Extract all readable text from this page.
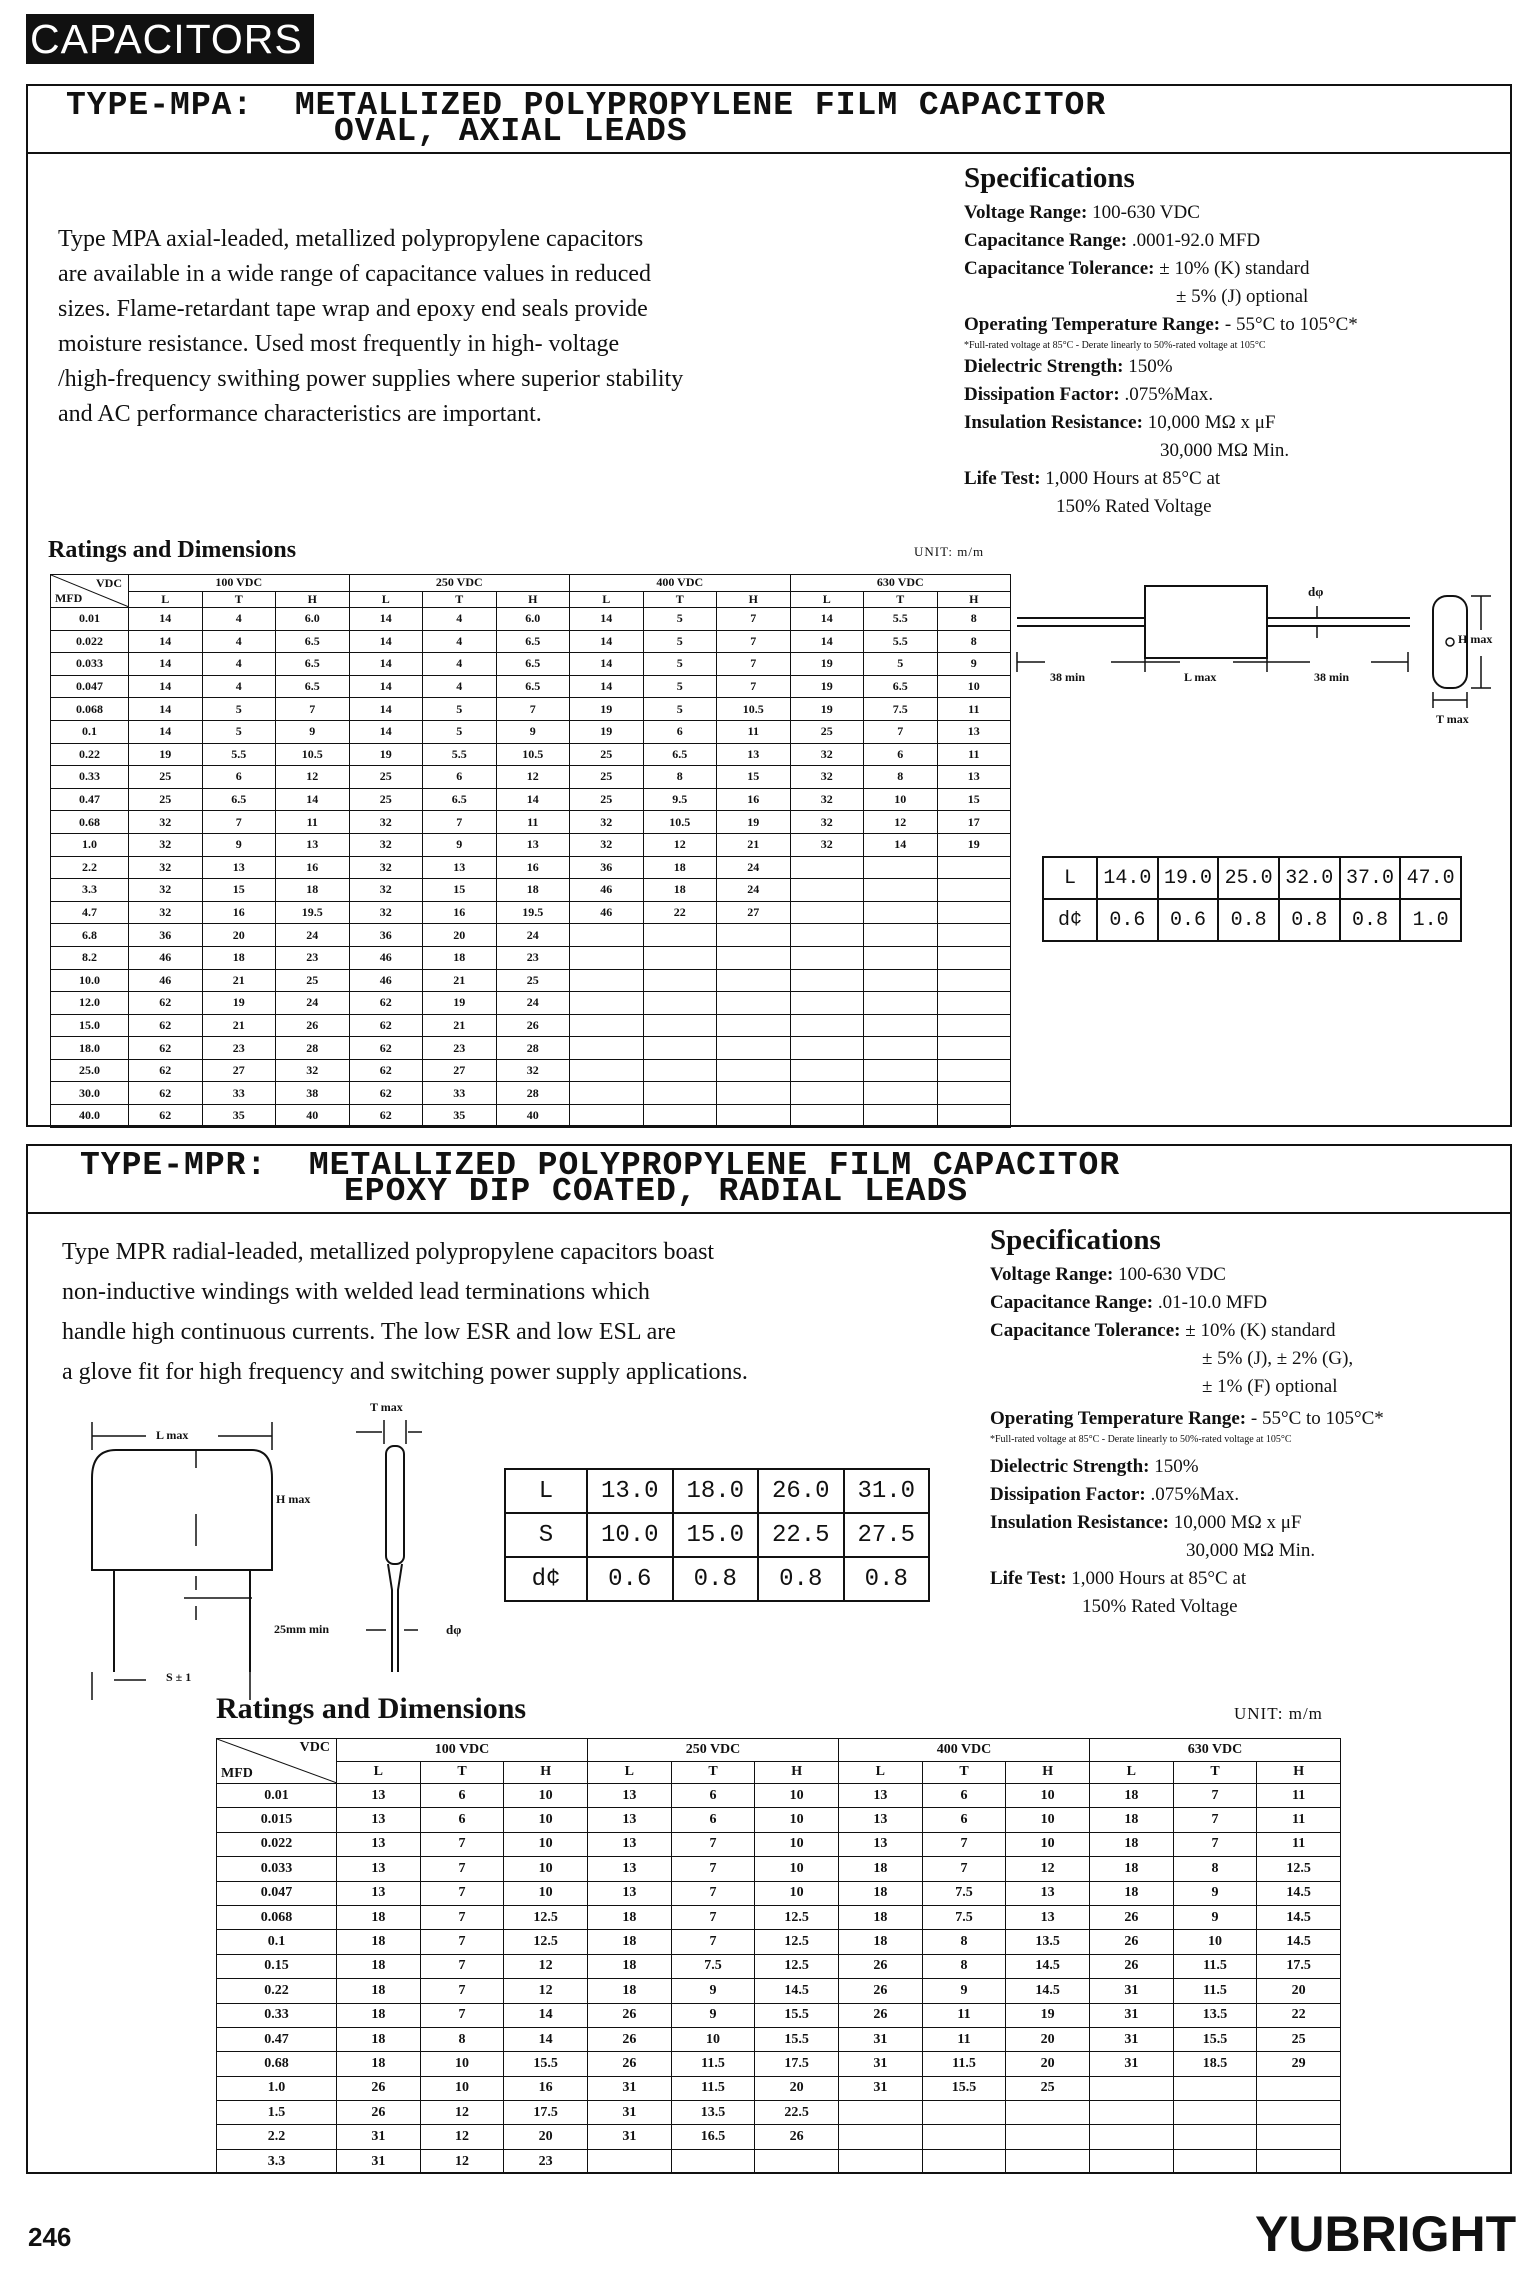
CAPACITORS
TYPE-MPA:  METALLIZED POLYPROPYLENE FILM CAPACITOR
OVAL, AXIAL LEADS
Type MPA axial-leaded, metallized polypropylene capacitors
are available in a wide range of capacitance values in reduced
sizes. Flame-retardant tape wrap and epoxy end seals provide
moisture resistance. Used most frequently in high- voltage
/high-frequency swithing power supplies where superior stability
and AC performance characteristics are important.
Specifications
Voltage Range: 100-630 VDC
Capacitance Range: .0001-92.0 MFD
Capacitance Tolerance: ± 10% (K) standard
± 5% (J) optional
Operating Temperature Range: - 55°C to 105°C*
*Full-rated voltage at 85°C - Derate linearly to 50%-rated voltage at 105°C
Dielectric Strength: 150%
Dissipation Factor: .075%Max.
Insulation Resistance: 10,000 MΩ x μF
30,000 MΩ Min.
Life Test: 1,000 Hours at 85°C at
150% Rated Voltage
Ratings and Dimensions	UNIT: m/m
VDC
MFD	100 VDC			250 VDC			400 VDC			630 VDC		
	L	T	H	L	T	H	L	T	H	L	T	H
0.01	14	4	6.0	14	4	6.0	14	5	7	14	5.5	8
0.022	14	4	6.5	14	4	6.5	14	5	7	14	5.5	8
0.033	14	4	6.5	14	4	6.5	14	5	7	19	5	9
0.047	14	4	6.5	14	4	6.5	14	5	7	19	6.5	10
0.068	14	5	7	14	5	7	19	5	10.5	19	7.5	11
0.1	14	5	9	14	5	9	19	6	11	25	7	13
0.22	19	5.5	10.5	19	5.5	10.5	25	6.5	13	32	6	11
0.33	25	6	12	25	6	12	25	8	15	32	8	13
0.47	25	6.5	14	25	6.5	14	25	9.5	16	32	10	15
0.68	32	7	11	32	7	11	32	10.5	19	32	12	17
1.0	32	9	13	32	9	13	32	12	21	32	14	19
2.2	32	13	16	32	13	16	36	18	24			
3.3	32	15	18	32	15	18	46	18	24			
4.7	32	16	19.5	32	16	19.5	46	22	27			
6.8	36	20	24	36	20	24						
8.2	46	18	23	46	18	23						
10.0	46	21	25	46	21	25						
12.0	62	19	24	62	19	24						
15.0	62	21	26	62	21	26						
18.0	62	23	28	62	23	28						
25.0	62	27	32	62	27	32						
30.0	62	33	38	62	33	28						
40.0	62	35	40	62	35	40						
dφ
H max
T max
38 min	L max	38 min
L	14.0	19.0	25.0	32.0	37.0	47.0
d¢	0.6	0.6	0.8	0.8	0.8	1.0
TYPE-MPR:  METALLIZED POLYPROPYLENE FILM CAPACITOR
EPOXY DIP COATED, RADIAL LEADS
Type MPR radial-leaded, metallized polypropylene capacitors boast
non-inductive windings with welded lead terminations which
handle high continuous currents. The low ESR and low ESL are
a glove fit for high frequency and switching power supply applications.
Specifications
Voltage Range: 100-630 VDC
Capacitance Range: .01-10.0 MFD
Capacitance Tolerance: ± 10% (K) standard
± 5% (J), ± 2% (G),
± 1% (F) optional
Operating Temperature Range: - 55°C to 105°C*
*Full-rated voltage at 85°C - Derate linearly to 50%-rated voltage at 105°C
Dielectric Strength: 150%
Dissipation Factor: .075%Max.
Insulation Resistance: 10,000 MΩ x μF
30,000 MΩ Min.
Life Test: 1,000 Hours at 85°C at
150% Rated Voltage
L max
T max
H max
25mm min	dφ
S ± 1
L	13.0	18.0	26.0	31.0
S	10.0	15.0	22.5	27.5
d¢	0.6	0.8	0.8	0.8
Ratings and Dimensions	UNIT: m/m
VDC
MFD	100 VDC			250 VDC			400 VDC			630 VDC		
	L	T	H	L	T	H	L	T	H	L	T	H
0.01	13	6	10	13	6	10	13	6	10	18	7	11
0.015	13	6	10	13	6	10	13	6	10	18	7	11
0.022	13	7	10	13	7	10	13	7	10	18	7	11
0.033	13	7	10	13	7	10	18	7	12	18	8	12.5
0.047	13	7	10	13	7	10	18	7.5	13	18	9	14.5
0.068	18	7	12.5	18	7	12.5	18	7.5	13	26	9	14.5
0.1	18	7	12.5	18	7	12.5	18	8	13.5	26	10	14.5
0.15	18	7	12	18	7.5	12.5	26	8	14.5	26	11.5	17.5
0.22	18	7	12	18	9	14.5	26	9	14.5	31	11.5	20
0.33	18	7	14	26	9	15.5	26	11	19	31	13.5	22
0.47	18	8	14	26	10	15.5	31	11	20	31	15.5	25
0.68	18	10	15.5	26	11.5	17.5	31	11.5	20	31	18.5	29
1.0	26	10	16	31	11.5	20	31	15.5	25			
1.5	26	12	17.5	31	13.5	22.5						
2.2	31	12	20	31	16.5	26						
3.3	31	12	23									
246	YUBRIGHT
